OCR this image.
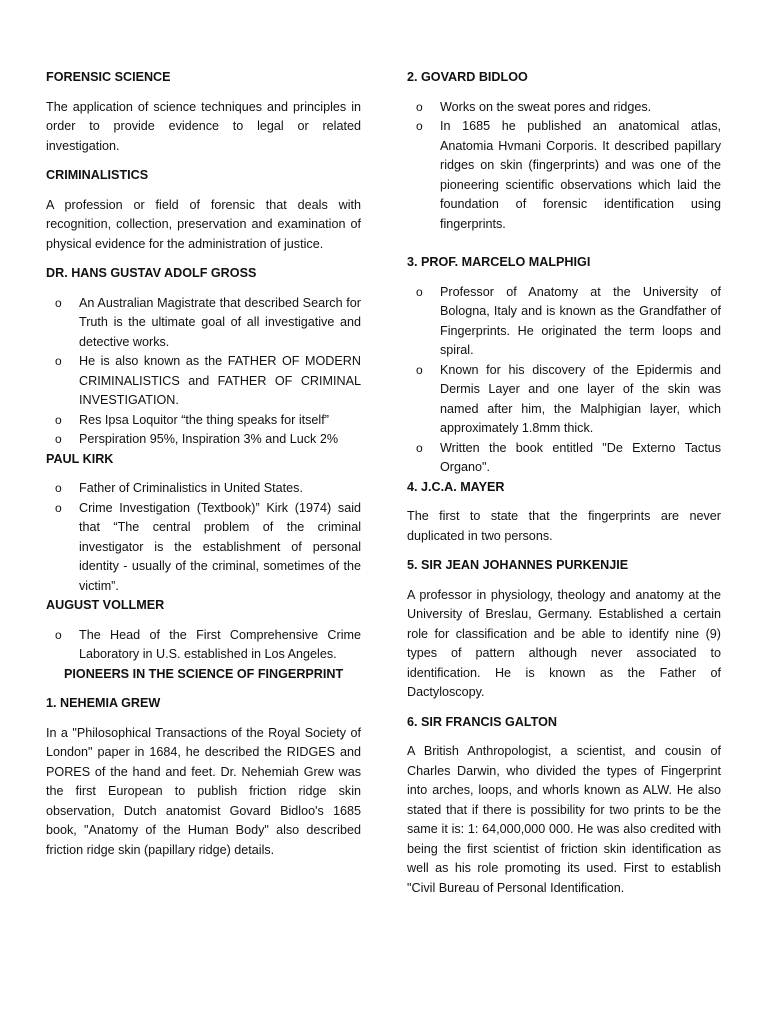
FORENSIC SCIENCE

The application of science techniques and principles in order to provide evidence to legal or related investigation.

CRIMINALISTICS

A profession or field of forensic that deals with recognition, collection, preservation and examination of physical evidence for the administration of justice.

DR. HANS GUSTAV ADOLF GROSS
o An Australian Magistrate that described Search for Truth is the ultimate goal of all investigative and detective works.
o He is also known as the FATHER OF MODERN CRIMINALISTICS and FATHER OF CRIMINAL INVESTIGATION.
o Res Ipsa Loquitor “the thing speaks for itself”
o Perspiration 95%, Inspiration 3% and Luck 2%
PAUL KIRK
o Father of Criminalistics in United States.
o Crime Investigation (Textbook)” Kirk (1974) said that “The central problem of the criminal investigator is the establishment of personal identity - usually of the criminal, sometimes of the victim”.
AUGUST VOLLMER
o The Head of the First Comprehensive Crime Laboratory in U.S. established in Los Angeles.
PIONEERS IN THE SCIENCE OF FINGERPRINT
1. NEHEMIA GREW

In a "Philosophical Transactions of the Royal Society of London" paper in 1684, he described the RIDGES and PORES of the hand and feet. Dr. Nehemiah Grew was the first European to publish friction ridge skin observation, Dutch anatomist Govard Bidloo's 1685 book, "Anatomy of the Human Body" also described friction ridge skin (papillary ridge) details.

2. GOVARD BIDLOO
o Works on the sweat pores and ridges.
o In 1685 he published an anatomical atlas, Anatomia Hvmani Corporis. It described papillary ridges on skin (fingerprints) and was one of the pioneering scientific observations which laid the foundation of forensic identification using fingerprints.
3. PROF. MARCELO MALPHIGI
o Professor of Anatomy at the University of Bologna, Italy and is known as the Grandfather of Fingerprints. He originated the term loops and spiral.
o Known for his discovery of the Epidermis and Dermis Layer and one layer of the skin was named after him, the Malphigian layer, which approximately 1.8mm thick.
o Written the book entitled "De Externo Tactus Organo".
4. J.C.A. MAYER

The first to state that the fingerprints are never duplicated in two persons.

5. SIR JEAN JOHANNES PURKENJIE

A professor in physiology, theology and anatomy at the University of Breslau, Germany. Established a certain role for classification and be able to identify nine (9) types of pattern although never associated to identification. He is known as the Father of Dactyloscopy.

6. SIR FRANCIS GALTON

A British Anthropologist, a scientist, and cousin of Charles Darwin, who divided the types of Fingerprint into arches, loops, and whorls known as ALW. He also stated that if there is possibility for two prints to be the same it is: 1: 64,000,000 000. He was also credited with being the first scientist of friction skin identification as well as his role promoting its used. First to establish "Civil Bureau of Personal Identification.
